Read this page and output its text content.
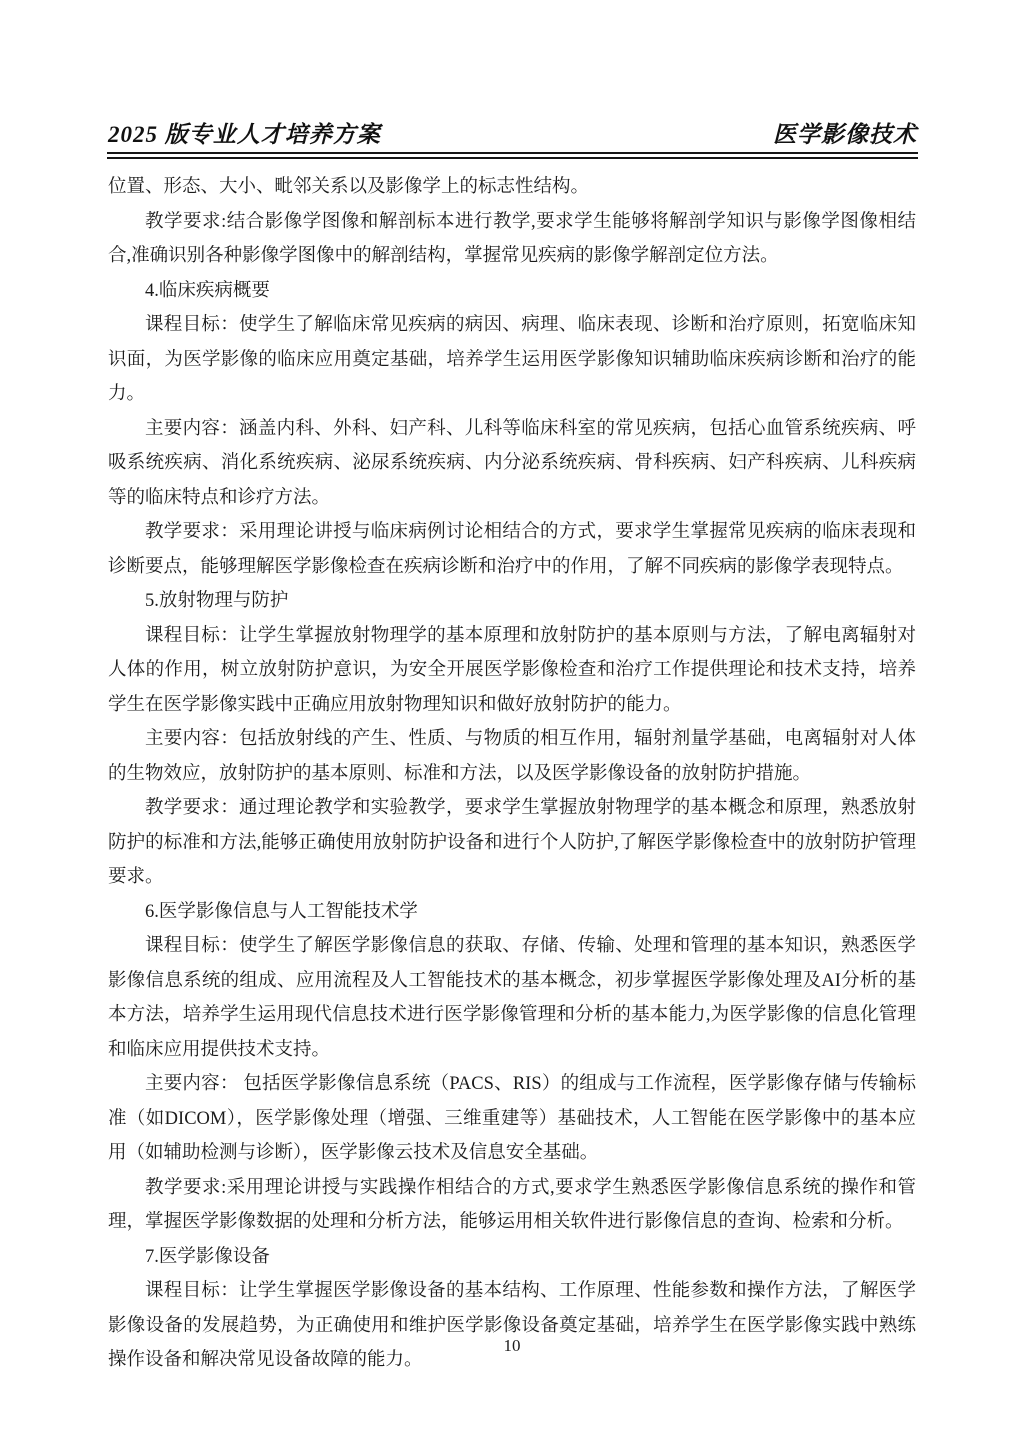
2025 版专业人才培养方案	医学影像技术

位置、形态、大小、毗邻关系以及影像学上的标志性结构。

教学要求:结合影像学图像和解剖标本进行教学,要求学生能够将解剖学知识与影像学图像相结合,准确识别各种影像学图像中的解剖结构，掌握常见疾病的影像学解剖定位方法。

4.临床疾病概要

课程目标：使学生了解临床常见疾病的病因、病理、临床表现、诊断和治疗原则，拓宽临床知识面，为医学影像的临床应用奠定基础，培养学生运用医学影像知识辅助临床疾病诊断和治疗的能力。

主要内容：涵盖内科、外科、妇产科、儿科等临床科室的常见疾病，包括心血管系统疾病、呼吸系统疾病、消化系统疾病、泌尿系统疾病、内分泌系统疾病、骨科疾病、妇产科疾病、儿科疾病等的临床特点和诊疗方法。

教学要求：采用理论讲授与临床病例讨论相结合的方式，要求学生掌握常见疾病的临床表现和诊断要点，能够理解医学影像检查在疾病诊断和治疗中的作用，了解不同疾病的影像学表现特点。

5.放射物理与防护

课程目标：让学生掌握放射物理学的基本原理和放射防护的基本原则与方法，了解电离辐射对人体的作用，树立放射防护意识，为安全开展医学影像检查和治疗工作提供理论和技术支持，培养学生在医学影像实践中正确应用放射物理知识和做好放射防护的能力。

主要内容：包括放射线的产生、性质、与物质的相互作用，辐射剂量学基础，电离辐射对人体的生物效应，放射防护的基本原则、标准和方法，以及医学影像设备的放射防护措施。

教学要求：通过理论教学和实验教学，要求学生掌握放射物理学的基本概念和原理，熟悉放射防护的标准和方法,能够正确使用放射防护设备和进行个人防护,了解医学影像检查中的放射防护管理要求。

6.医学影像信息与人工智能技术学

课程目标：使学生了解医学影像信息的获取、存储、传输、处理和管理的基本知识，熟悉医学影像信息系统的组成、应用流程及人工智能技术的基本概念，初步掌握医学影像处理及AI分析的基本方法，培养学生运用现代信息技术进行医学影像管理和分析的基本能力,为医学影像的信息化管理和临床应用提供技术支持。

主要内容： 包括医学影像信息系统（PACS、RIS）的组成与工作流程，医学影像存储与传输标准（如DICOM），医学影像处理（增强、三维重建等）基础技术，人工智能在医学影像中的基本应用（如辅助检测与诊断），医学影像云技术及信息安全基础。

教学要求:采用理论讲授与实践操作相结合的方式,要求学生熟悉医学影像信息系统的操作和管理，掌握医学影像数据的处理和分析方法，能够运用相关软件进行影像信息的查询、检索和分析。

7.医学影像设备

课程目标：让学生掌握医学影像设备的基本结构、工作原理、性能参数和操作方法，了解医学影像设备的发展趋势，为正确使用和维护医学影像设备奠定基础，培养学生在医学影像实践中熟练操作设备和解决常见设备故障的能力。

10
